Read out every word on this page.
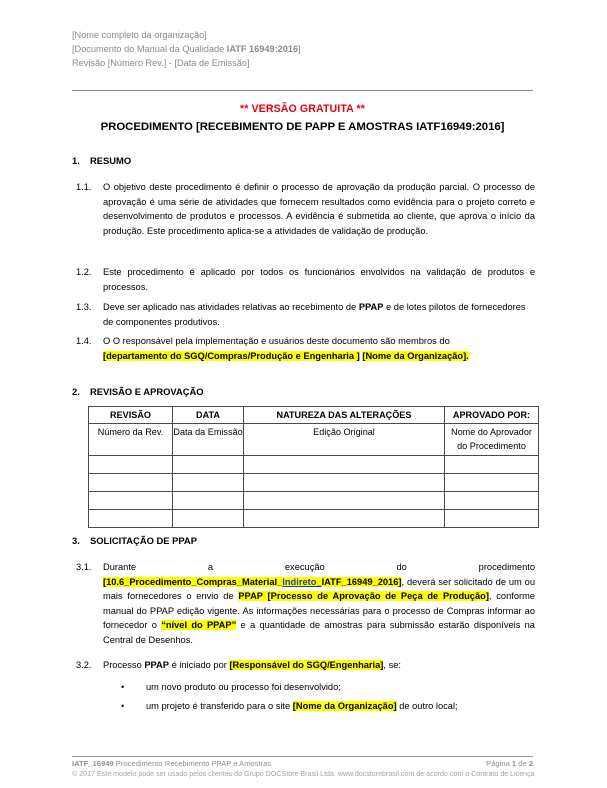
[Nome completo da organização]
[Documento do Manual da Qualidade IATF 16949:2016]
Revisão [Número Rev.] - [Data de Emissão]
** VERSÃO GRATUITA **
PROCEDIMENTO [RECEBIMENTO DE PAPP E AMOSTRAS IATF16949:2016]
1. RESUMO
1.1.	O objetivo deste procedimento é definir o processo de aprovação da produção parcial. O processo de aprovação é uma série de atividades que fornecem resultados como evidência para o projeto correto e desenvolvimento de produtos e processos. A evidência é submetida ao cliente, que aprova o início da produção. Este procedimento aplica-se a atividades de validação de produção.
1.2.	Este procedimento é aplicado por todos os funcionários envolvidos na validação de produtos e processos.
1.3.	Deve ser aplicado nas atividades relativas ao recebimento de PPAP e de lotes pilotos de fornecedores de componentes produtivos.
1.4.	O O responsável pela implementação e usuários deste documento são membros do
[departamento do SGQ/Compras/Produção e Engenharia ] [Nome da Organização].
2. REVISÃO E APROVAÇÃO
REVISÃO	DATA	NATUREZA DAS ALTERAÇÕES	APROVADO POR:
Número da Rev.	Data da Emissão	Edição Original	Nome do Aprovador do Procedimento

3. SOLICITAÇÃO DE PPAP
3.1.	Durante a execução do procedimento [10.6_Procedimento_Compras_Material_Indireto_IATF_16949_2016], deverá ser solicitado de um ou mais fornecedores o envio de PPAP [Processo de Aprovação de Peça de Produção], conforme manual do PPAP edição vigente. As informações necessárias para o processo de Compras informar ao fornecedor o “nível do PPAP” e a quantidade de amostras para submissão estarão disponíveis na Central de Desenhos.
3.2.	Processo PPAP é iniciado por [Responsável do SGQ/Engenharia], se:
• um novo produto ou processo foi desenvolvido;
• um projeto é transferido para o site [Nome da Organização] de outro local;
IATF_16949 Procedimento Recebimento PPAP e Amostras	Página 1 de 2
© 2017 Este modelo pode ser usado pelos clientes do Grupo DOCStore Brasil Ltda. www.docstorebrasil.com de acordo com o Contrato de Licença
